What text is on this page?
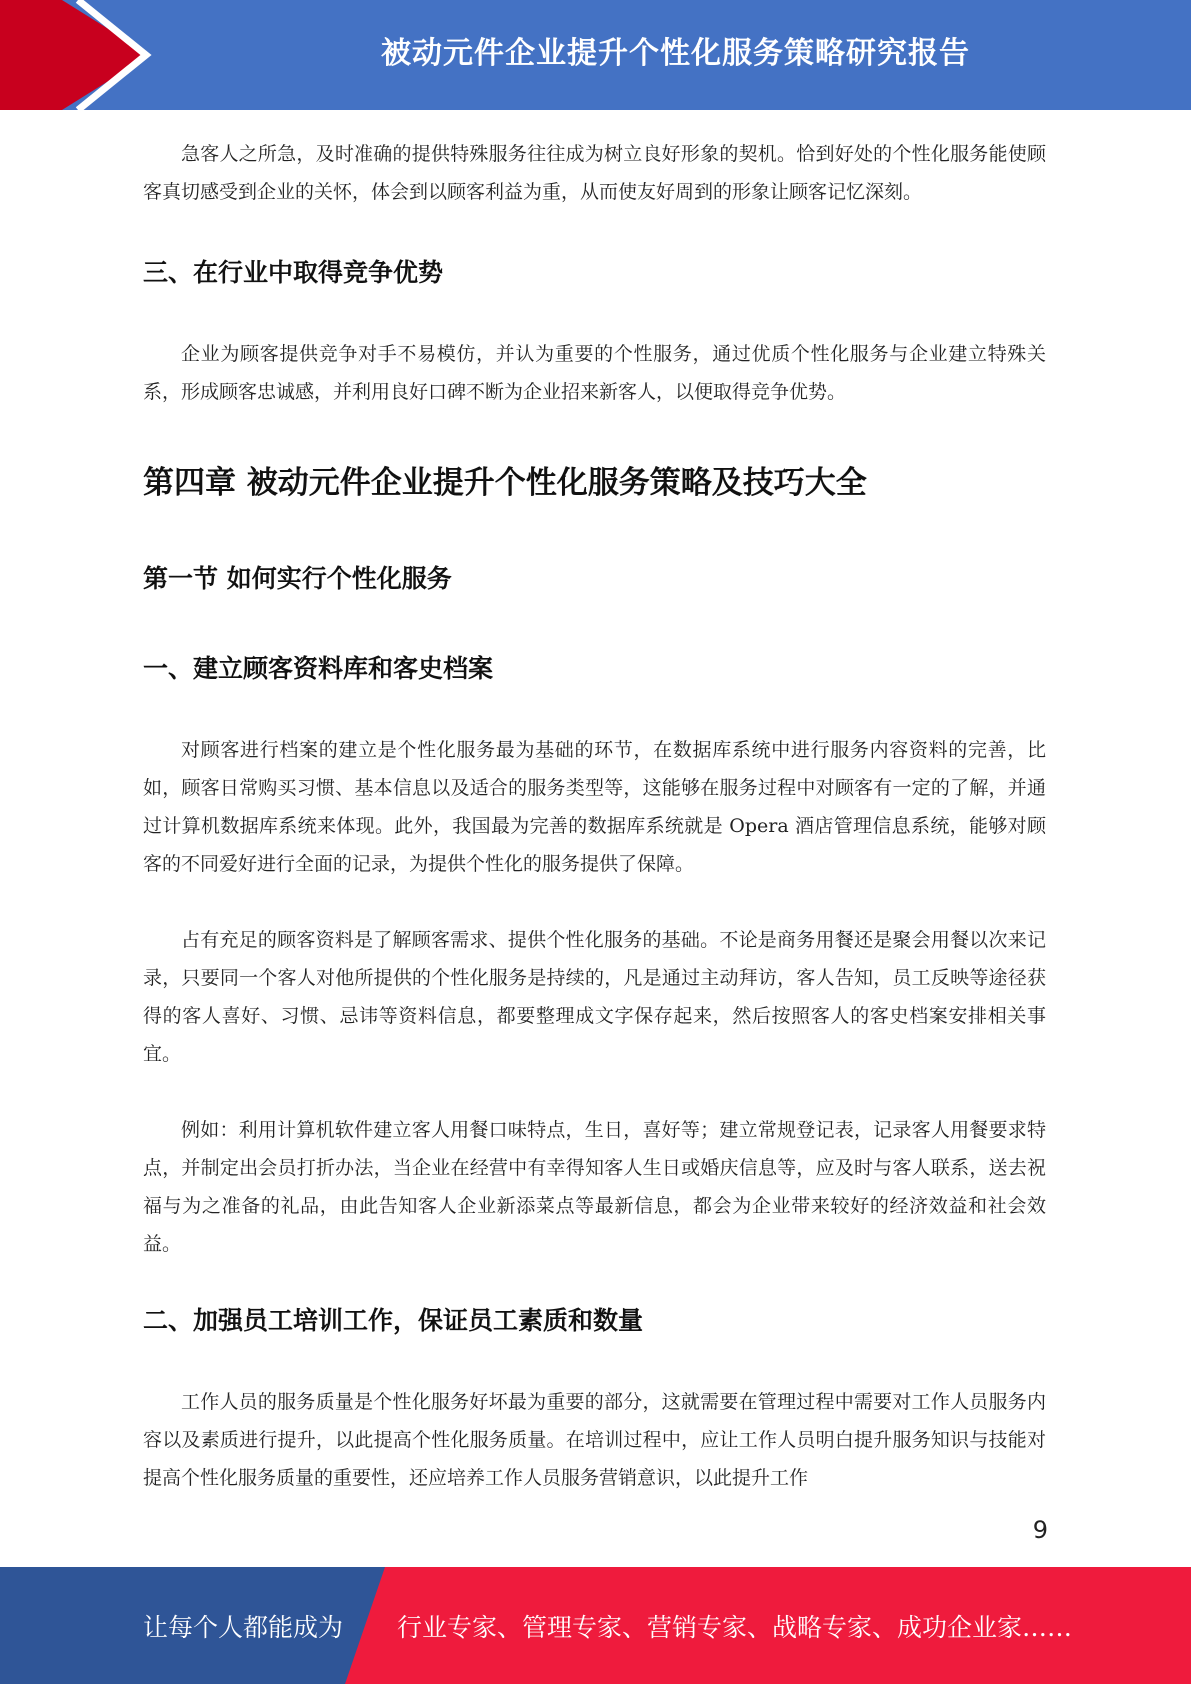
被动元件企业提升个性化服务策略研究报告

急客人之所急，及时准确的提供特殊服务往往成为树立良好形象的契机。恰到好处的个性化服务能使顾客真切感受到企业的关怀，体会到以顾客利益为重，从而使友好周到的形象让顾客记忆深刻。

三、在行业中取得竞争优势

企业为顾客提供竞争对手不易模仿，并认为重要的个性服务，通过优质个性化服务与企业建立特殊关系，形成顾客忠诚感，并利用良好口碑不断为企业招来新客人，以便取得竞争优势。

第四章 被动元件企业提升个性化服务策略及技巧大全
第一节 如何实行个性化服务
一、建立顾客资料库和客史档案

对顾客进行档案的建立是个性化服务最为基础的环节，在数据库系统中进行服务内容资料的完善，比如，顾客日常购买习惯、基本信息以及适合的服务类型等，这能够在服务过程中对顾客有一定的了解，并通过计算机数据库系统来体现。此外，我国最为完善的数据库系统就是 Opera 酒店管理信息系统，能够对顾客的不同爱好进行全面的记录，为提供个性化的服务提供了保障。

占有充足的顾客资料是了解顾客需求、提供个性化服务的基础。不论是商务用餐还是聚会用餐以次来记录，只要同一个客人对他所提供的个性化服务是持续的，凡是通过主动拜访，客人告知，员工反映等途径获得的客人喜好、习惯、忌讳等资料信息，都要整理成文字保存起来，然后按照客人的客史档案安排相关事宜。

例如：利用计算机软件建立客人用餐口味特点，生日，喜好等；建立常规登记表，记录客人用餐要求特点，并制定出会员打折办法，当企业在经营中有幸得知客人生日或婚庆信息等，应及时与客人联系，送去祝福与为之准备的礼品，由此告知客人企业新添菜点等最新信息，都会为企业带来较好的经济效益和社会效益。

二、加强员工培训工作，保证员工素质和数量

工作人员的服务质量是个性化服务好坏最为重要的部分，这就需要在管理过程中需要对工作人员服务内容以及素质进行提升，以此提高个性化服务质量。在培训过程中，应让工作人员明白提升服务知识与技能对提高个性化服务质量的重要性，还应培养工作人员服务营销意识，以此提升工作

9
让每个人都能成为 行业专家、管理专家、营销专家、战略专家、成功企业家……
